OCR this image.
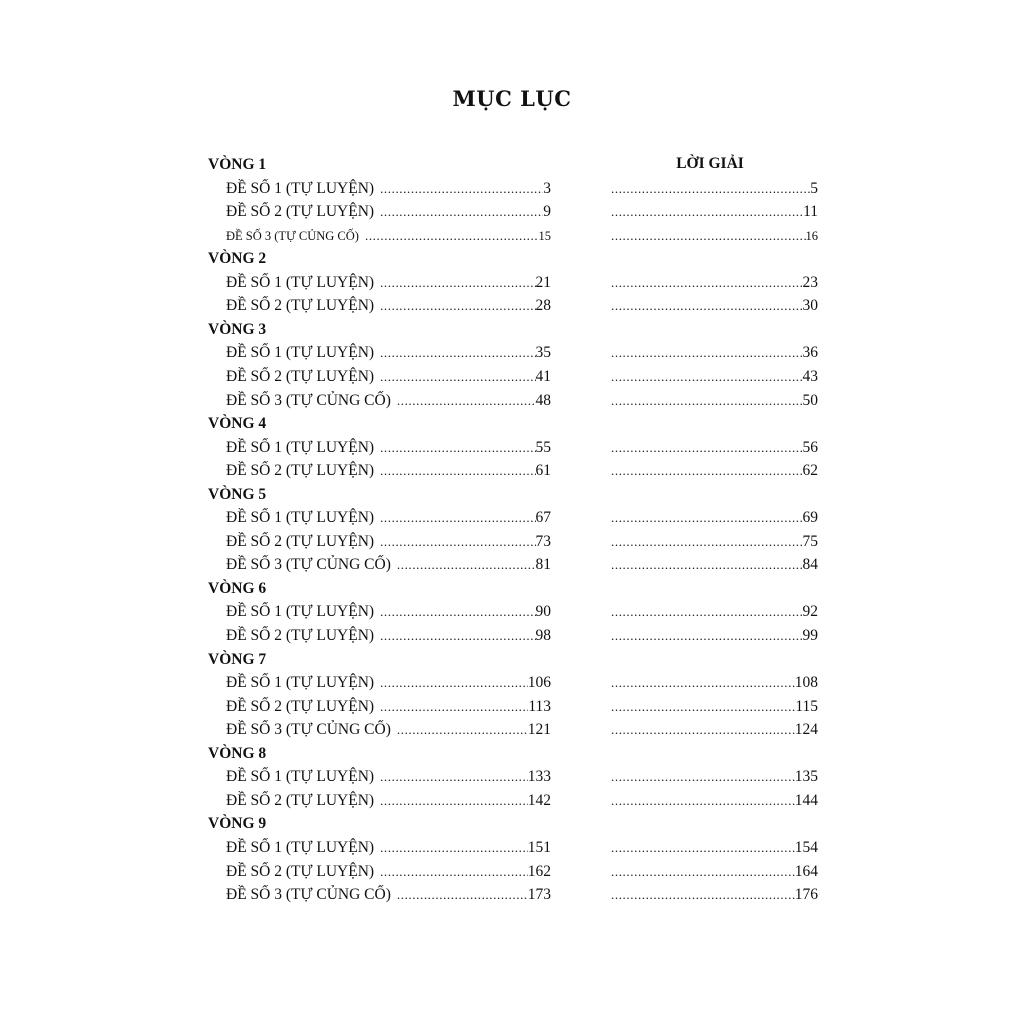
MỤC LỤC
LỜI GIẢI
VÒNG 1
ĐỀ SỐ 1 (TỰ LUYỆN) .....	3 .....	5
ĐỀ SỐ 2 (TỰ LUYỆN) .....	9 .....	11
ĐỀ SỐ 3 (TỰ CỦNG CỐ) .....	15 .....	16
VÒNG 2
ĐỀ SỐ 1 (TỰ LUYỆN) .....	21 .....	23
ĐỀ SỐ 2 (TỰ LUYỆN) .....	28 .....	30
VÒNG 3
ĐỀ SỐ 1 (TỰ LUYỆN) .....	35 .....	36
ĐỀ SỐ 2 (TỰ LUYỆN) .....	41 .....	43
ĐỀ SỐ 3 (TỰ CỦNG CỐ) .....	48 .....	50
VÒNG 4
ĐỀ SỐ 1 (TỰ LUYỆN) .....	55 .....	56
ĐỀ SỐ 2 (TỰ LUYỆN) .....	61 .....	62
VÒNG 5
ĐỀ SỐ 1 (TỰ LUYỆN) .....	67 .....	69
ĐỀ SỐ 2 (TỰ LUYỆN) .....	73 .....	75
ĐỀ SỐ 3 (TỰ CỦNG CỐ) .....	81 .....	84
VÒNG 6
ĐỀ SỐ 1 (TỰ LUYỆN) .....	90 .....	92
ĐỀ SỐ 2 (TỰ LUYỆN) .....	98 .....	99
VÒNG 7
ĐỀ SỐ 1 (TỰ LUYỆN) .....	106 .....	108
ĐỀ SỐ 2 (TỰ LUYỆN) .....	113 .....	115
ĐỀ SỐ 3 (TỰ CỦNG CỐ) .....	121 .....	124
VÒNG 8
ĐỀ SỐ 1 (TỰ LUYỆN) .....	133 .....	135
ĐỀ SỐ 2 (TỰ LUYỆN) .....	142 .....	144
VÒNG 9
ĐỀ SỐ 1 (TỰ LUYỆN) .....	151 .....	154
ĐỀ SỐ 2 (TỰ LUYỆN) .....	162 .....	164
ĐỀ SỐ 3 (TỰ CỦNG CỐ) .....	173 .....	176
